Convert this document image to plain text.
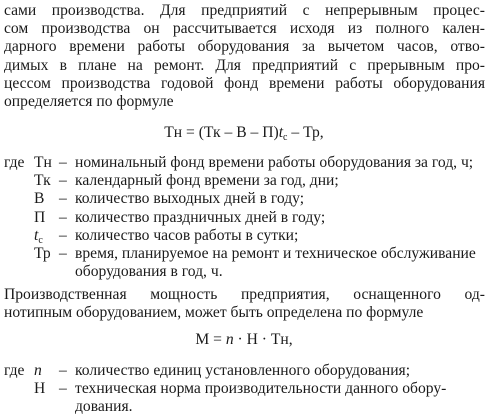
сами производства. Для предприятий с непрерывным процес-
сом производства он рассчитывается исходя из полного кален-
дарного времени работы оборудования за вычетом часов, отво-
димых в плане на ремонт. Для предприятий с прерывным про-
цессом производства годовой фонд времени работы оборудования
определяется по формуле
Тн = (Тк – В – $П)t_c$ – Тр,
где Тн – номинальный фонд времени работы оборудования за год, ч;
Тк – календарный фонд времени за год, дни;
В – количество выходных дней в году;
П – количество праздничных дней в году;
$t_c$ – количество часов работы в сутки;
Тр – время, планируемое на ремонт и техническое обслуживание
оборудования в год, ч.
Производственная мощность предприятия, оснащенного од-
нотипным оборудованием, может быть определена по формуле
М = n · Н · Тн,
где n – количество единиц установленного оборудования;
Н – техническая норма производительности данного обору-
дования.
